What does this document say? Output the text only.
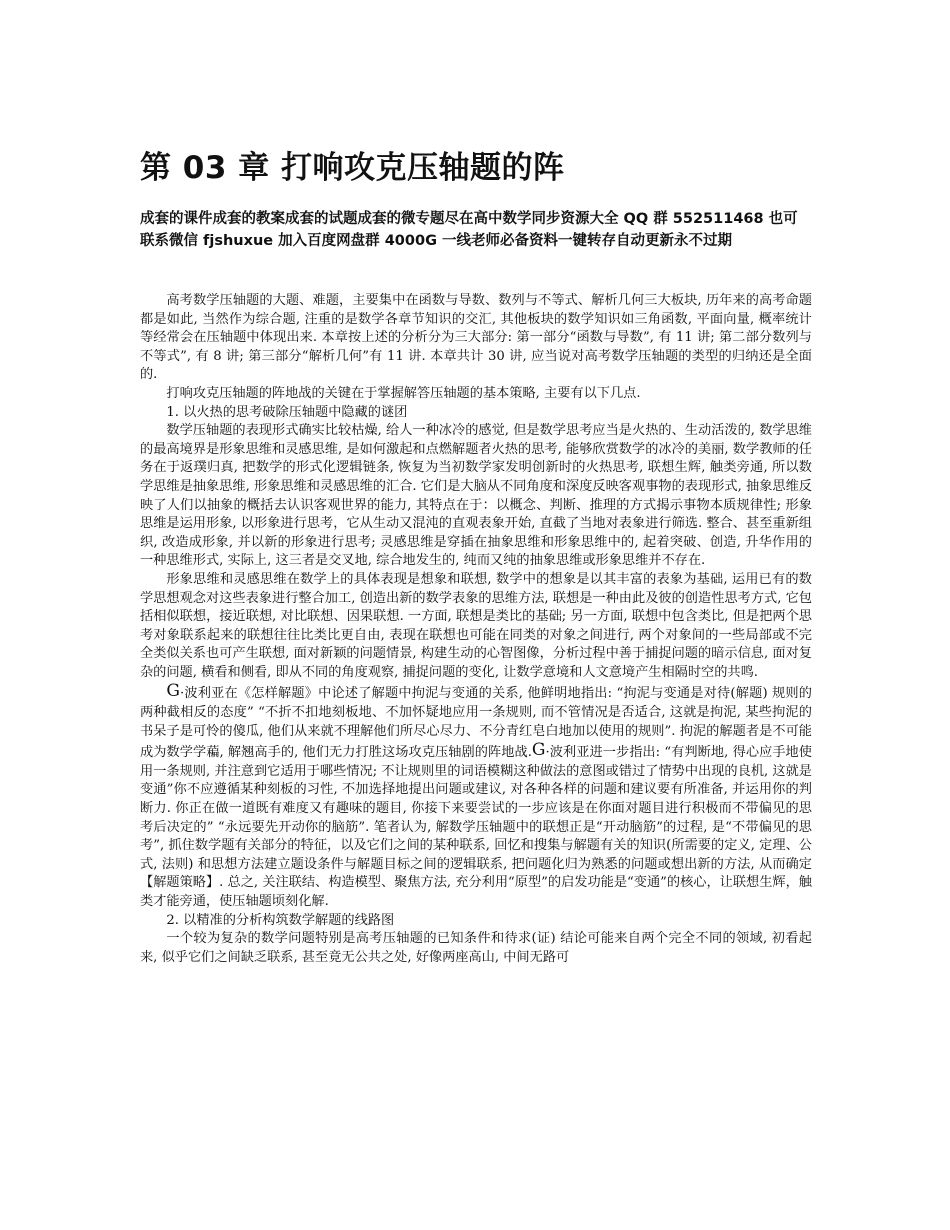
第 03 章 打响攻克压轴题的阵

成套的课件成套的教案成套的试题成套的微专题尽在高中数学同步资源大全 QQ 群 552511468 也可联系微信 fjshuxue 加入百度网盘群 4000G 一线老师必备资料一键转存自动更新永不过期

高考数学压轴题的大题、难题，主要集中在函数与导数、数列与不等式、解析几何三大板块, 历年来的高考命题都是如此, 当然作为综合题, 注重的是数学各章节知识的交汇, 其他板块的数学知识如三角函数, 平面向量, 概率统计等经常会在压轴题中体现出来. 本章按上述的分析分为三大部分: 第一部分“函数与导数”, 有 11 讲; 第二部分数列与不等式”, 有 8 讲; 第三部分“解析几何”有 11 讲. 本章共计 30 讲, 应当说对高考数学压轴题的类型的归纳还是全面的.

打响攻克压轴题的阵地战的关键在于掌握解答压轴题的基本策略, 主要有以下几点.

1. 以火热的思考破除压轴题中隐藏的谜团

数学压轴题的表现形式确实比较枯燥, 给人一种冰冷的感觉, 但是数学思考应当是火热的、生动活泼的, 数学思维的最高境界是形象思维和灵感思维, 是如何激起和点燃解题者火热的思考, 能够欣赏数学的冰冷的美丽, 数学教师的任务在于返璞归真, 把数学的形式化逻辑链条, 恢复为当初数学家发明创新时的火热思考, 联想生辉, 触类旁通, 所以数学思维是抽象思维, 形象思维和灵感思维的汇合. 它们是大脑从不同角度和深度反映客观事物的表现形式, 抽象思维反映了人们以抽象的概括去认识客观世界的能力, 其特点在于：以概念、判断、推理的方式揭示事物本质规律性; 形象思维是运用形象, 以形象进行思考，它从生动又混沌的直观表象开始, 直截了当地对表象进行筛选. 整合、甚至重新组织, 改造成形象, 并以新的形象进行思考; 灵感思维是穿插在抽象思维和形象思维中的, 起着突破、创造, 升华作用的一种思维形式, 实际上, 这三者是交叉地, 综合地发生的, 纯而又纯的抽象思维或形象思维并不存在.

形象思维和灵感思维在数学上的具体表现是想象和联想, 数学中的想象是以其丰富的表象为基础, 运用已有的数学思想观念对这些表象进行整合加工, 创造出新的数学表象的思维方法, 联想是一种由此及彼的创造性思考方式, 它包括相似联想，接近联想, 对比联想、因果联想. 一方面, 联想是类比的基础; 另一方面, 联想中包含类比, 但是把两个思考对象联系起来的联想往往比类比更自由, 表现在联想也可能在同类的对象之间进行, 两个对象间的一些局部或不完全类似关系也可产生联想, 面对新颖的问题情景, 构建生动的心智图像，分析过程中善于捕捉问题的暗示信息, 面对复杂的问题, 横看和侧看, 即从不同的角度观察, 捕捉问题的变化, 让数学意境和人文意境产生相隔时空的共鸣.

G·波利亚在《怎样解题》中论述了解题中拘泥与变通的关系, 他鲜明地指出: “拘泥与变通是对待(解题) 规则的两种截相反的态度” “不折不扣地刻板地、不加怀疑地应用一条规则, 而不管情况是否适合, 这就是拘泥, 某些拘泥的书呆子是可怜的傻瓜, 他们从来就不理解他们所尽心尽力、不分青红皂白地加以使用的规则”. 拘泥的解题者是不可能成为数学学藊, 解翘高手的, 他们无力打胜这场攻克压轴剧的阵地战.G·波利亚进一步指出: “有判断地, 得心应手地使用一条规则, 并注意到它适用于哪些情况; 不让规则里的词语模糊这种做法的意图或错过了情势中出现的良机, 这就是变通”你不应遵循某种刻板的习性, 不加选择地提出问题或建议, 对各种各样的问题和建议要有所准备, 并运用你的判断力. 你正在做一道既有难度又有趣味的题目, 你接下来要尝试的一步应该是在你面对题目进行积极而不带偏见的思考后决定的” “永远要先开动你的脑筋”. 笔者认为, 解数学压轴题中的联想正是“开动脑筋”的过程, 是“不带偏见的思考”, 抓住数学题有关部分的特征，以及它们之间的某种联系, 回忆和搜集与解题有关的知识(所需要的定义, 定理、公式, 法则) 和思想方法建立题设条件与解题目标之间的逻辑联系, 把问题化归为熟悉的问题或想出新的方法, 从而确定【解题策略】. 总之, 关注联结、构造模型、聚焦方法, 充分利用“原型”的启发功能是“变通”的核心，让联想生辉，触类才能旁通，使压轴题顷刻化解.

2. 以精准的分析构筑数学解题的线路图

一个较为复杂的数学问题特别是高考压轴题的已知条件和待求(证) 结论可能来自两个完全不同的领域, 初看起来, 似乎它们之间缺乏联系, 甚至竟无公共之处, 好像两座高山, 中间无路可
